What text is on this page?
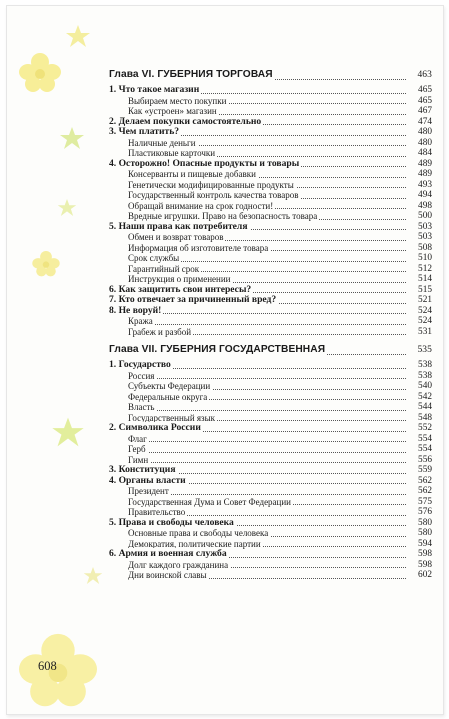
608
Глава VI. ГУБЕРНИЯ ТОРГОВАЯ	463
1. Что такое магазин	465
Выбираем место покупки	465
Как «устроен» магазин	467
2. Делаем покупки самостоятельно	474
3. Чем платить?	480
Наличные деньги	480
Пластиковые карточки	484
4. Осторожно! Опасные продукты и товары	489
Консерванты и пищевые добавки	489
Генетически модифицированные продукты	493
Государственный контроль качества товаров	494
Обращай внимание на срок годности!	498
Вредные игрушки. Право на безопасность товара	500
5. Наши права как потребителя	503
Обмен и возврат товаров	503
Информация об изготовителе товара	508
Срок службы	510
Гарантийный срок	512
Инструкция о применении	514
6. Как защитить свои интересы?	515
7. Кто отвечает за причиненный вред?	521
8. Не воруй!	524
Кража	524
Грабеж и разбой	531
Глава VII. ГУБЕРНИЯ ГОСУДАРСТВЕННАЯ	535
1. Государство	538
Россия	538
Субъекты Федерации	540
Федеральные округа	542
Власть	544
Государственный язык	548
2. Символика России	552
Флаг	554
Герб	554
Гимн	556
3. Конституция	559
4. Органы власти	562
Президент	562
Государственная Дума и Совет Федерации	575
Правительство	576
5. Права и свободы человека	580
Основные права и свободы человека	580
Демократия, политические партии	594
6. Армия и военная служба	598
Долг каждого гражданина	598
Дни воинской славы	602
